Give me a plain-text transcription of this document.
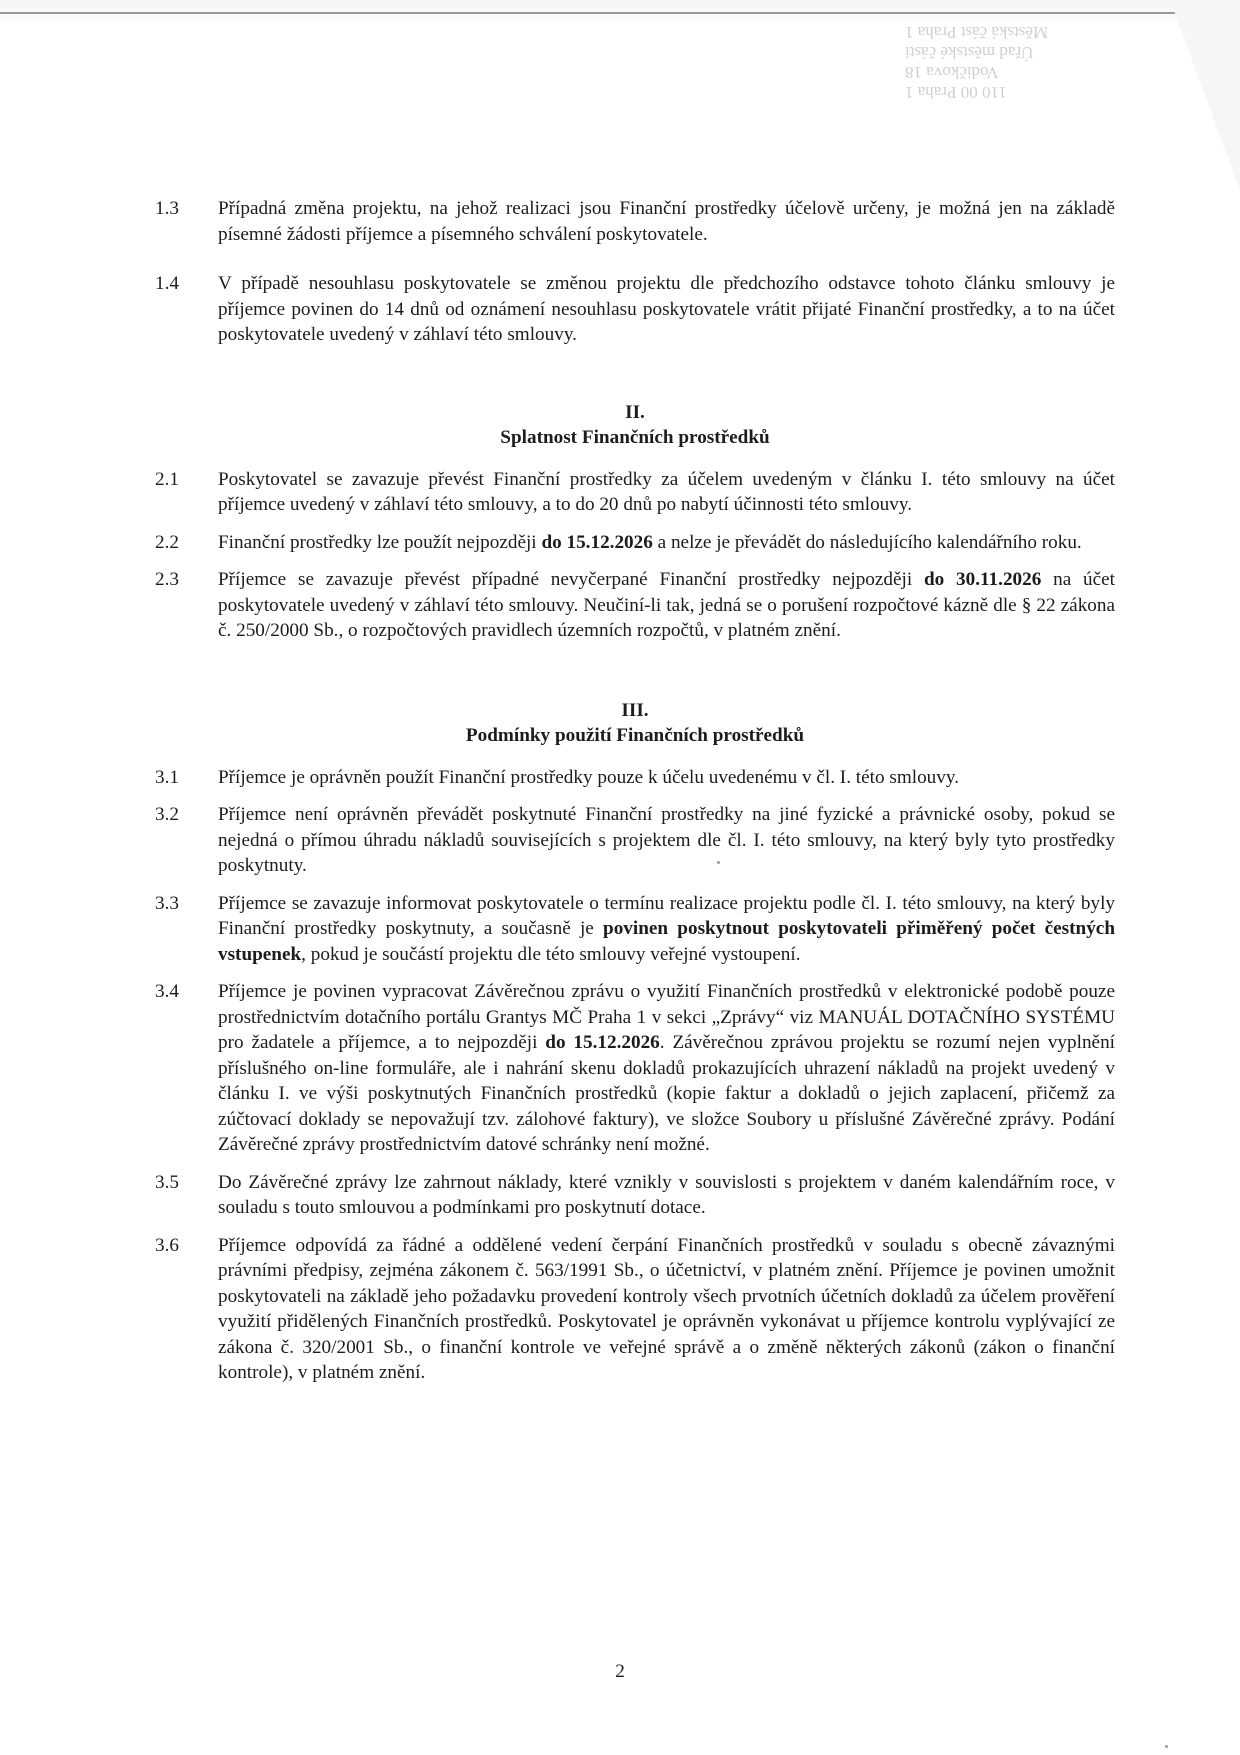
Městská část Praha 1
Úřad městské části
Vodičkova 18
110 00 Praha 1
1.3	Případná změna projektu, na jehož realizaci jsou Finanční prostředky účelově určeny, je možná jen na základě písemné žádosti příjemce a písemného schválení poskytovatele.
1.4	V případě nesouhlasu poskytovatele se změnou projektu dle předchozího odstavce tohoto článku smlouvy je příjemce povinen do 14 dnů od oznámení nesouhlasu poskytovatele vrátit přijaté Finanční prostředky, a to na účet poskytovatele uvedený v záhlaví této smlouvy.
II.
Splatnost Finančních prostředků
2.1	Poskytovatel se zavazuje převést Finanční prostředky za účelem uvedeným v článku I. této smlouvy na účet příjemce uvedený v záhlaví této smlouvy, a to do 20 dnů po nabytí účinnosti této smlouvy.
2.2	Finanční prostředky lze použít nejpozději do 15.12.2026 a nelze je převádět do následujícího kalendářního roku.
2.3	Příjemce se zavazuje převést případné nevyčerpané Finanční prostředky nejpozději do 30.11.2026 na účet poskytovatele uvedený v záhlaví této smlouvy. Neučiní-li tak, jedná se o porušení rozpočtové kázně dle § 22 zákona č. 250/2000 Sb., o rozpočtových pravidlech územních rozpočtů, v platném znění.
III.
Podmínky použití Finančních prostředků
3.1	Příjemce je oprávněn použít Finanční prostředky pouze k účelu uvedenému v čl. I. této smlouvy.
3.2	Příjemce není oprávněn převádět poskytnuté Finanční prostředky na jiné fyzické a právnické osoby, pokud se nejedná o přímou úhradu nákladů souvisejících s projektem dle čl. I. této smlouvy, na který byly tyto prostředky poskytnuty.
3.3	Příjemce se zavazuje informovat poskytovatele o termínu realizace projektu podle čl. I. této smlouvy, na který byly Finanční prostředky poskytnuty, a současně je povinen poskytnout poskytovateli přiměřený počet čestných vstupenek, pokud je součástí projektu dle této smlouvy veřejné vystoupení.
3.4	Příjemce je povinen vypracovat Závěrečnou zprávu o využití Finančních prostředků v elektronické podobě pouze prostřednictvím dotačního portálu Grantys MČ Praha 1 v sekci „Zprávy“ viz MANUÁL DOTAČNÍHO SYSTÉMU pro žadatele a příjemce, a to nejpozději do 15.12.2026. Závěrečnou zprávou projektu se rozumí nejen vyplnění příslušného on-line formuláře, ale i nahrání skenu dokladů prokazujících uhrazení nákladů na projekt uvedený v článku I. ve výši poskytnutých Finančních prostředků (kopie faktur a dokladů o jejich zaplacení, přičemž za zúčtovací doklady se nepovažují tzv. zálohové faktury), ve složce Soubory u příslušné Závěrečné zprávy. Podání Závěrečné zprávy prostřednictvím datové schránky není možné.
3.5	Do Závěrečné zprávy lze zahrnout náklady, které vznikly v souvislosti s projektem v daném kalendářním roce, v souladu s touto smlouvou a podmínkami pro poskytnutí dotace.
3.6	Příjemce odpovídá za řádné a oddělené vedení čerpání Finančních prostředků v souladu s obecně závaznými právními předpisy, zejména zákonem č. 563/1991 Sb., o účetnictví, v platném znění. Příjemce je povinen umožnit poskytovateli na základě jeho požadavku provedení kontroly všech prvotních účetních dokladů za účelem prověření využití přidělených Finančních prostředků. Poskytovatel je oprávněn vykonávat u příjemce kontrolu vyplývající ze zákona č. 320/2001 Sb., o finanční kontrole ve veřejné správě a o změně některých zákonů (zákon o finanční kontrole), v platném znění.
2
